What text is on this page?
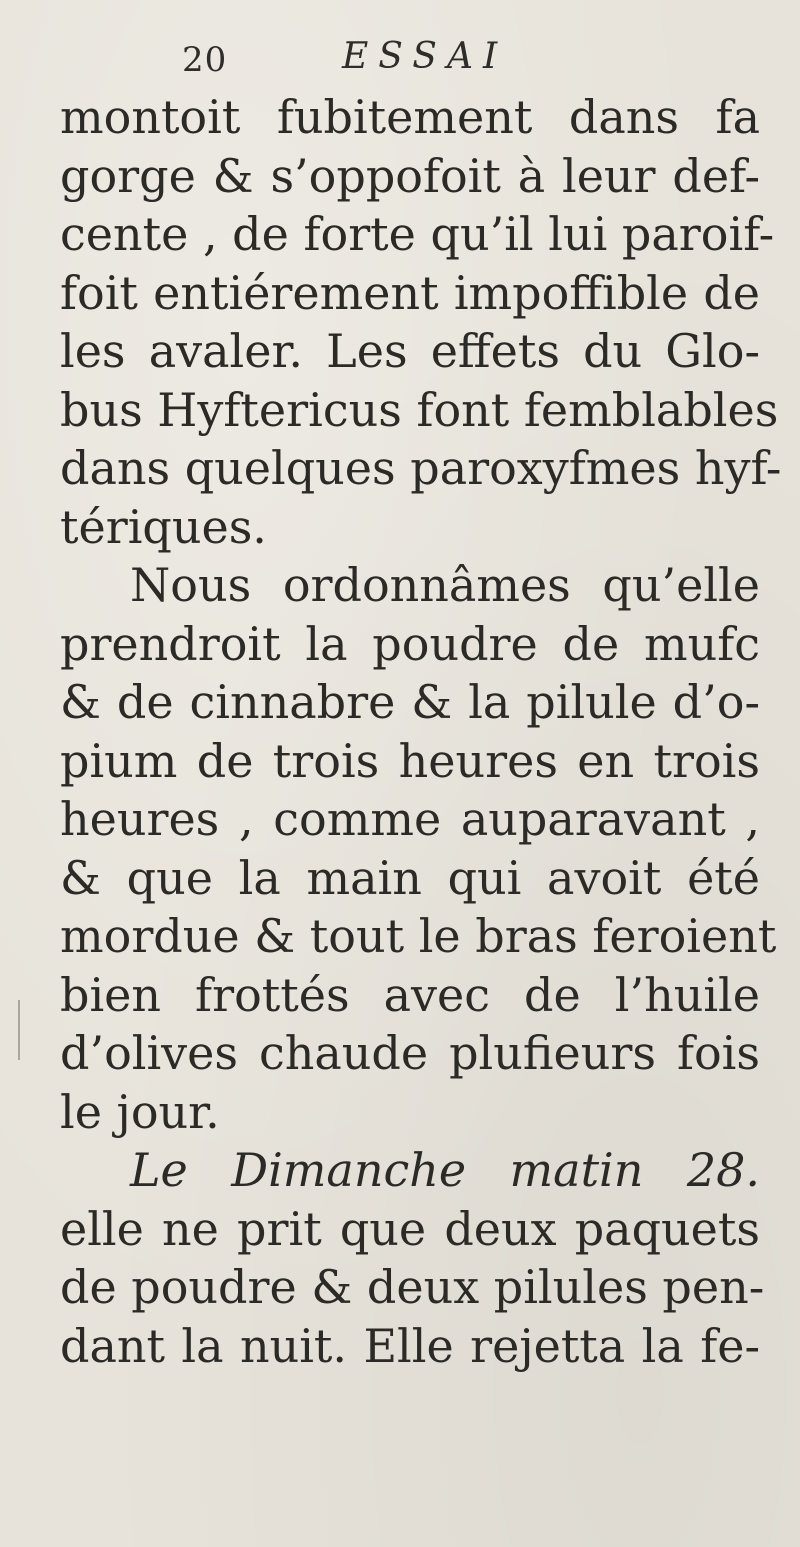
20	ESSAI
montoit fubitement dans fa
gorge & s’oppofoit à leur def-
cente , de forte qu’il lui paroif-
foit entiérement impoffible de
les avaler. Les effets du Glo-
bus Hyftericus font femblables
dans quelques paroxyfmes hyf-
tériques.
Nous ordonnâmes qu’elle
prendroit la poudre de mufc
& de cinnabre & la pilule d’o-
pium de trois heures en trois
heures , comme auparavant ,
& que la main qui avoit été
mordue & tout le bras feroient
bien frottés avec de l’huile
d’olives chaude plufieurs fois
le jour.
Le Dimanche matin 28.
elle ne prit que deux paquets
de poudre & deux pilules pen-
dant la nuit. Elle rejetta la fe-
